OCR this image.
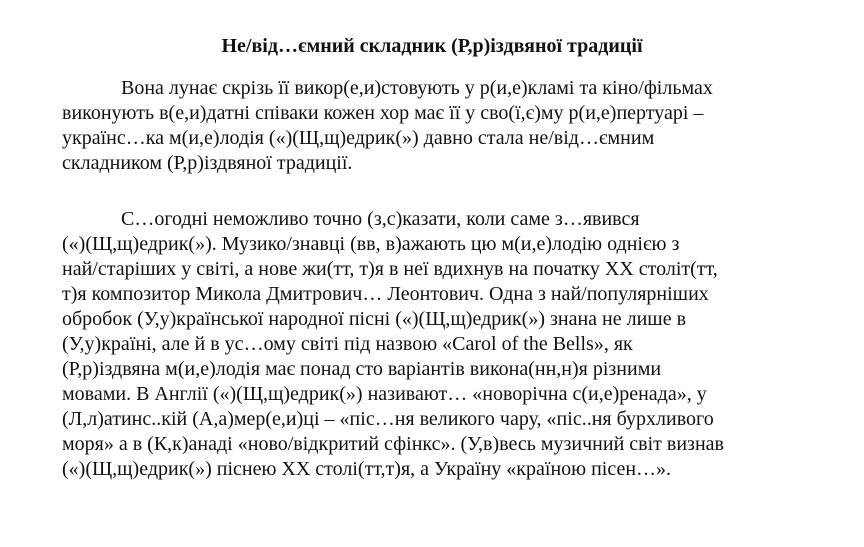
Не/від…ємний складник (Р,р)іздвяної традиції
Вона лунає скрізь її викор(е,и)стовують у р(и,е)кламі та кіно/фільмах
виконують в(е,и)датні співаки кожен хор має її у сво(ї,є)му р(и,е)пертуарі –
українс…ка м(и,е)лодія («)(Щ,щ)едрик(») давно стала не/від…ємним
складником (Р,р)іздвяної традиції.
С…огодні неможливо точно (з,с)казати, коли саме з…явився
(«)(Щ,щ)едрик(»). Музико/знавці (вв, в)ажають цю м(и,е)лодію однією з
най/старіших у світі, а нове жи(тт, т)я в неї вдихнув на початку XX століт(тт,
т)я композитор Микола Дмитрович… Леонтович. Одна з най/популярніших
обробок (У,у)країнської народної пісні («)(Щ,щ)едрик(») знана не лише в
(У,у)країні, але й в ус…ому світі під назвою «Carol of the Bells», як
(Р,р)іздвяна м(и,е)лодія має понад сто варіантів викона(нн,н)я різними
мовами. В Англії («)(Щ,щ)едрик(») називают… «новорічна с(и,е)ренада», у
(Л,л)атинс..кій (А,а)мер(е,и)ці – «піс…ня великого чару, «піс..ня бурхливого
моря» а в (К,к)анаді «ново/відкритий сфінкс». (У,в)весь музичний світ визнав
(«)(Щ,щ)едрик(») піснею XX столі(тт,т)я, а Україну «країною пісен…».
